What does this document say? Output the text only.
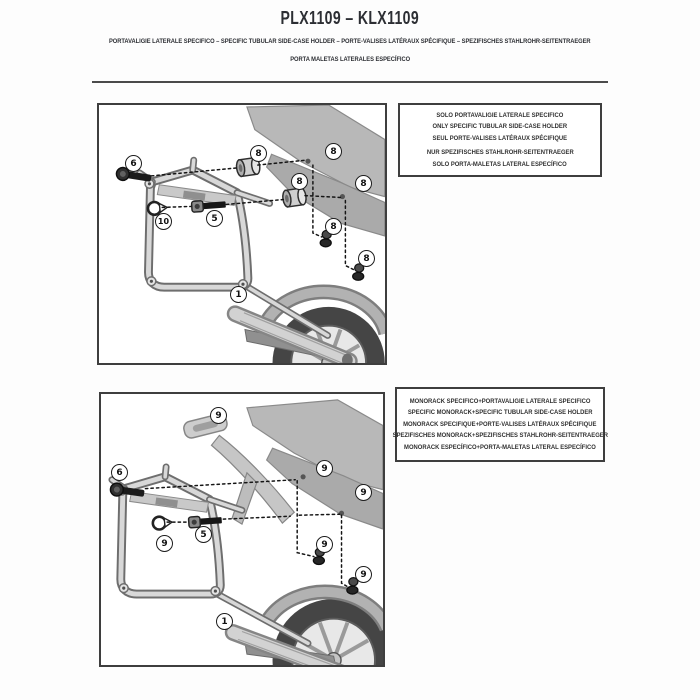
PLX1109 – KLX1109
PORTAVALIGIE LATERALE SPECIFICO – SPECIFIC TUBULAR SIDE-CASE HOLDER – PORTE-VALISES LATÉRAUX SPÉCIFIQUE – SPEZIFISCHES STAHLROHR-SEITENTRAEGER
PORTA MALETAS LATERALES ESPECÍFICO
6
8	8
8	8
10	5
8
8
1
SOLO PORTAVALIGIE LATERALE SPECIFICO
ONLY SPECIFIC TUBULAR SIDE-CASE HOLDER
SEUL PORTE-VALISES LATÉRAUX SPÉCIFIQUE
NÜR SPEZIFISCHES STAHLROHR-SEITENTRAEGER
SOLO PORTA-MALETAS LATERAL ESPECÍFICO
9
6
9
5
9
9
9
9
1
MONORACK SPECIFICO+PORTAVALIGIE LATERALE SPECIFICO
SPECIFIC MONORACK+SPECIFIC TUBULAR SIDE-CASE HOLDER
MONORACK SPECIFIQUE+PORTE-VALISES LATÉRAUX SPÉCIFIQUE
SPEZIFISCHES MONORACK+SPEZIFISCHES STAHLROHR-SEITENTRAEGER
MONORACK ESPECÍFICO+PORTA-MALETAS LATERAL ESPECÍFICO
